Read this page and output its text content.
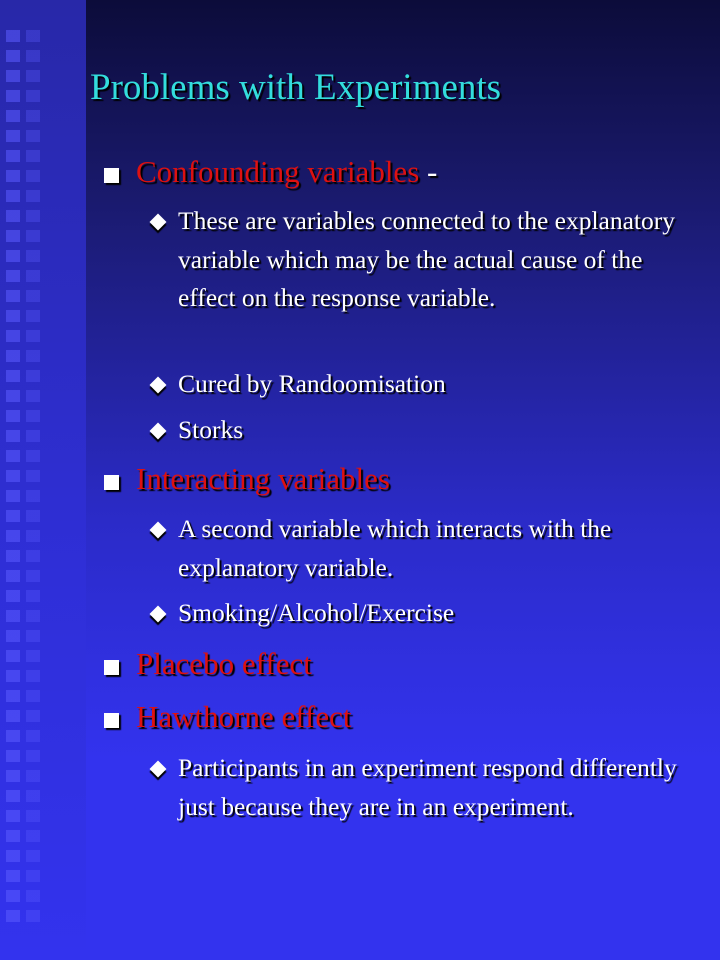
Problems with Experiments
Confounding variables -
These are variables connected to the explanatory variable which may be the actual cause of the effect on the response variable.
Cured by Randoomisation
Storks
Interacting variables
A second variable which interacts with the explanatory variable.
Smoking/Alcohol/Exercise
Placebo effect
Hawthorne effect
Participants in an experiment respond differently just because they are in an experiment.
